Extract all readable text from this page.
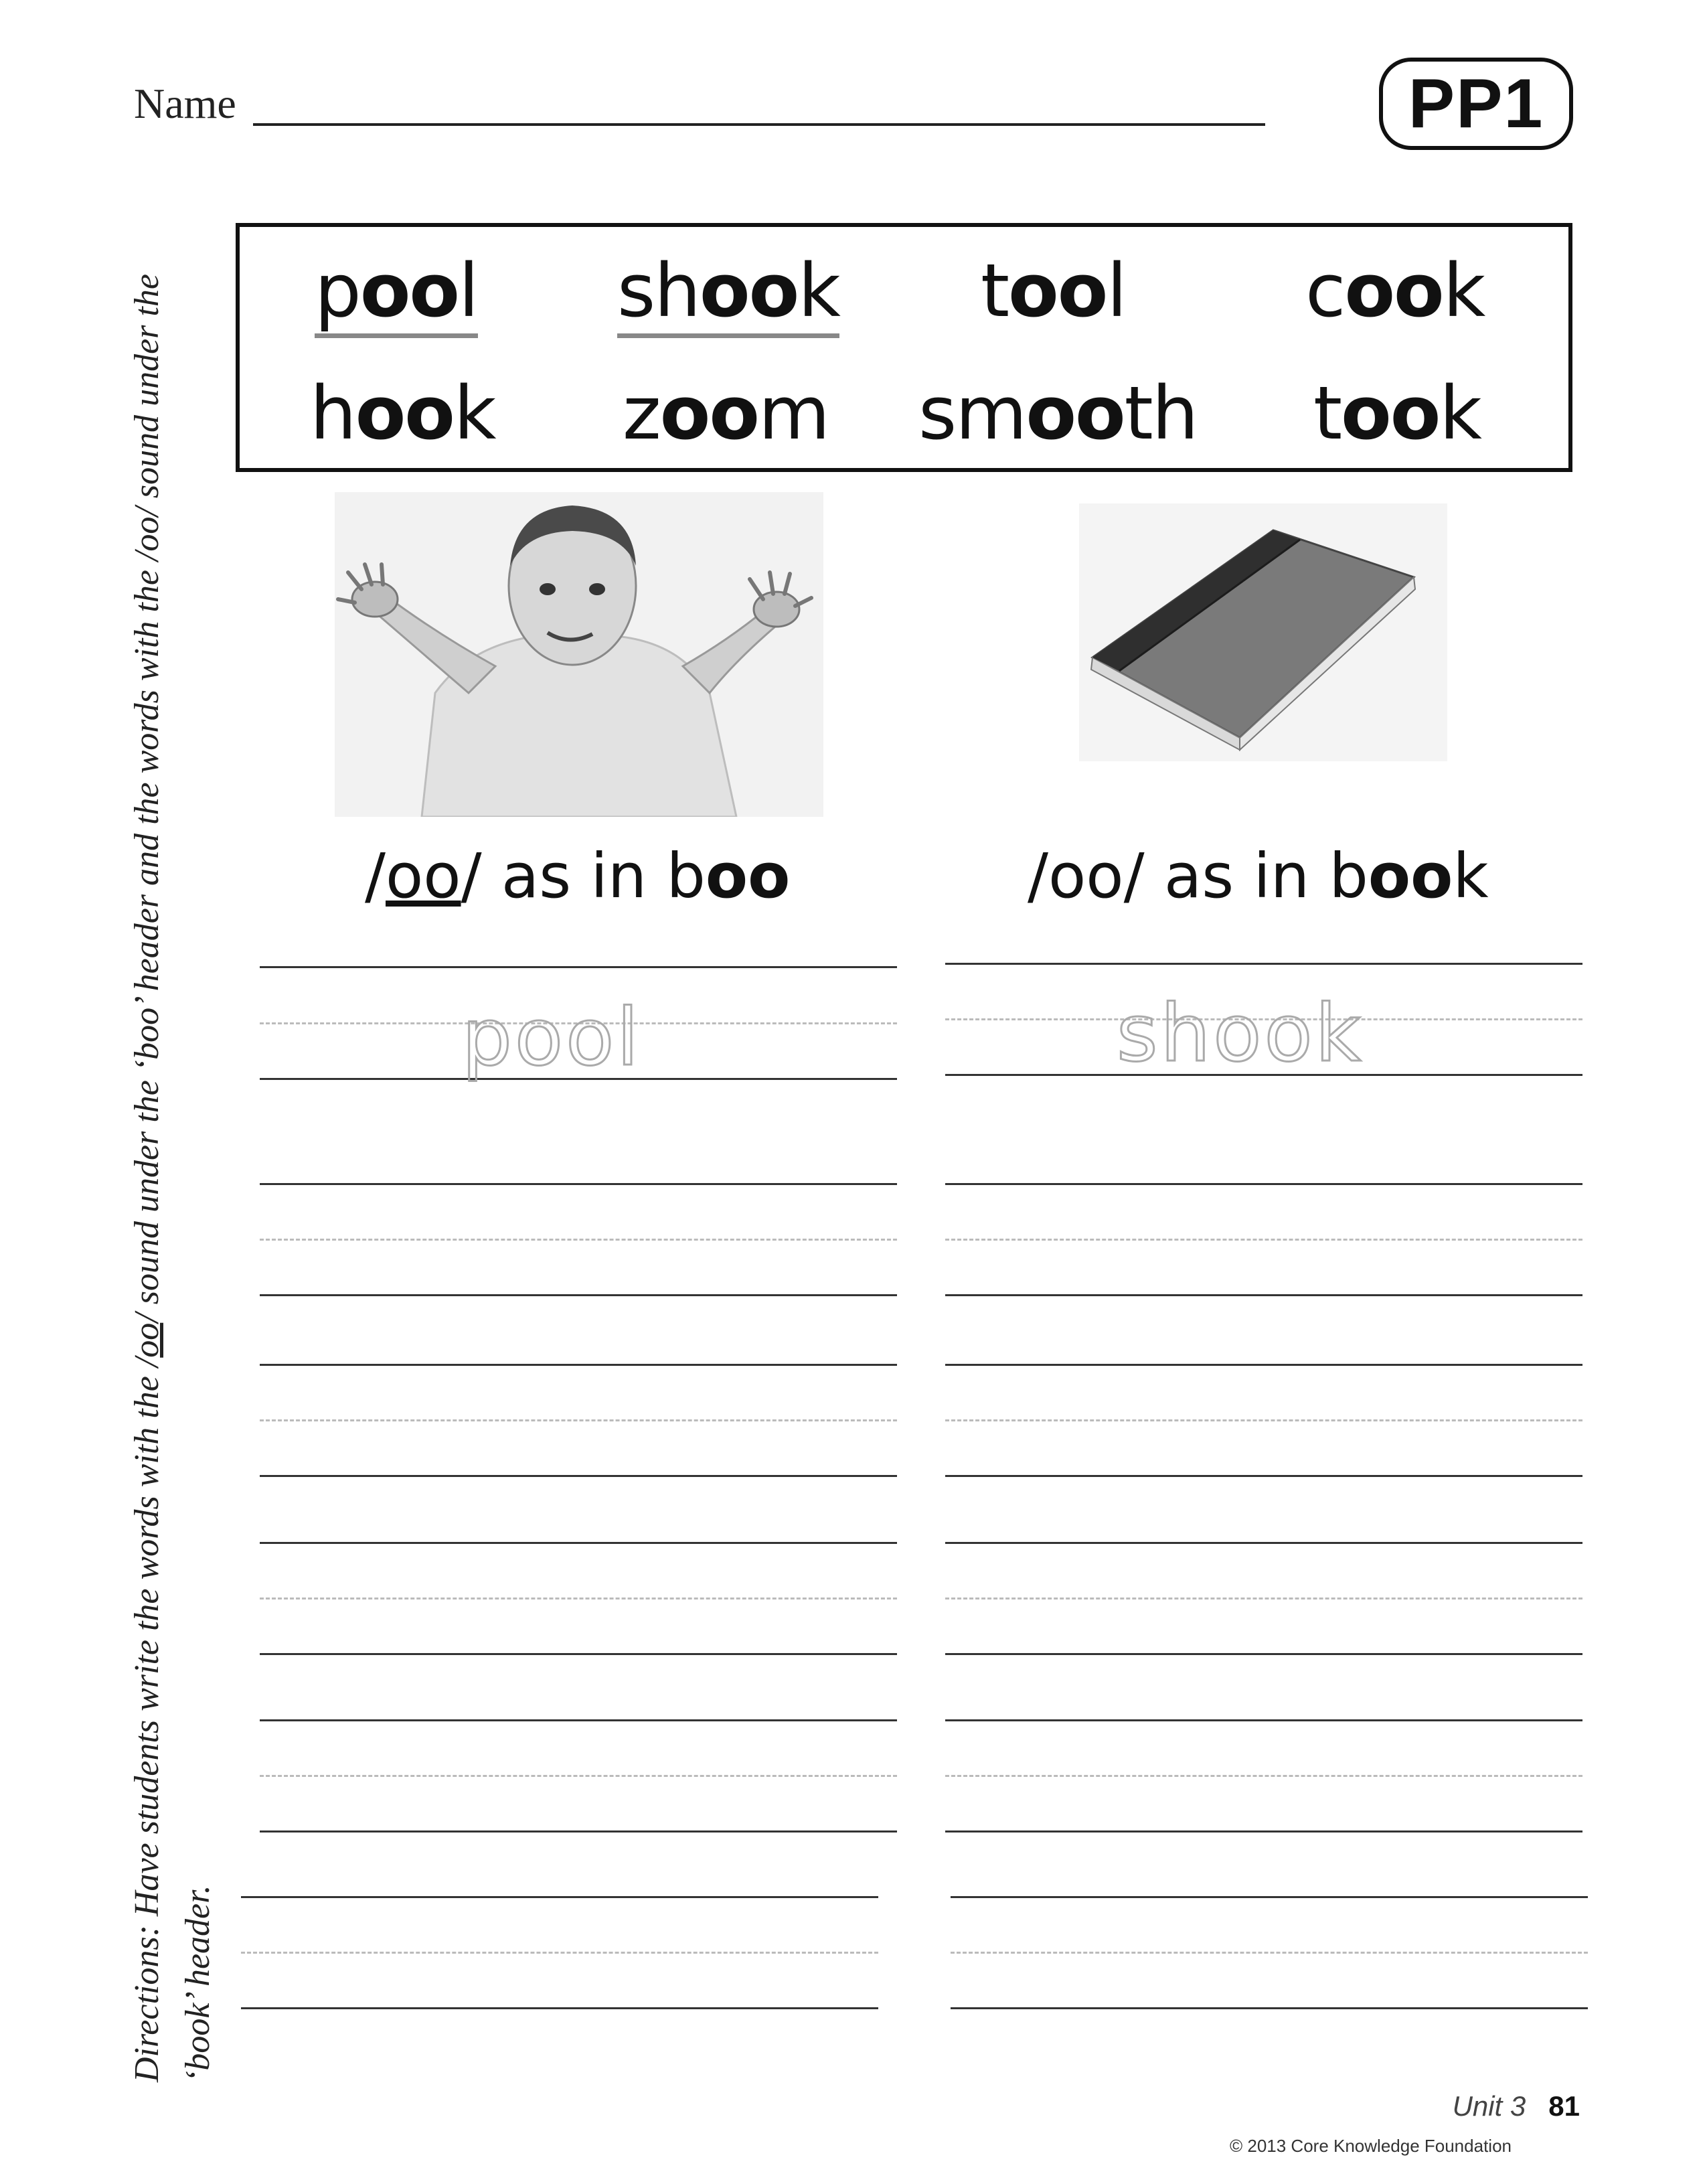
Name	PP1
Directions: Have students write the words with the /oo/ sound under the ‘boo’ header and the words with the /oo/ sound under the ‘book’ header.
pool shook tool cook
hook zoom smooth took
/oo/ as in boo	/oo/ as in book
pool	shook
Unit 3 81
© 2013 Core Knowledge Foundation
